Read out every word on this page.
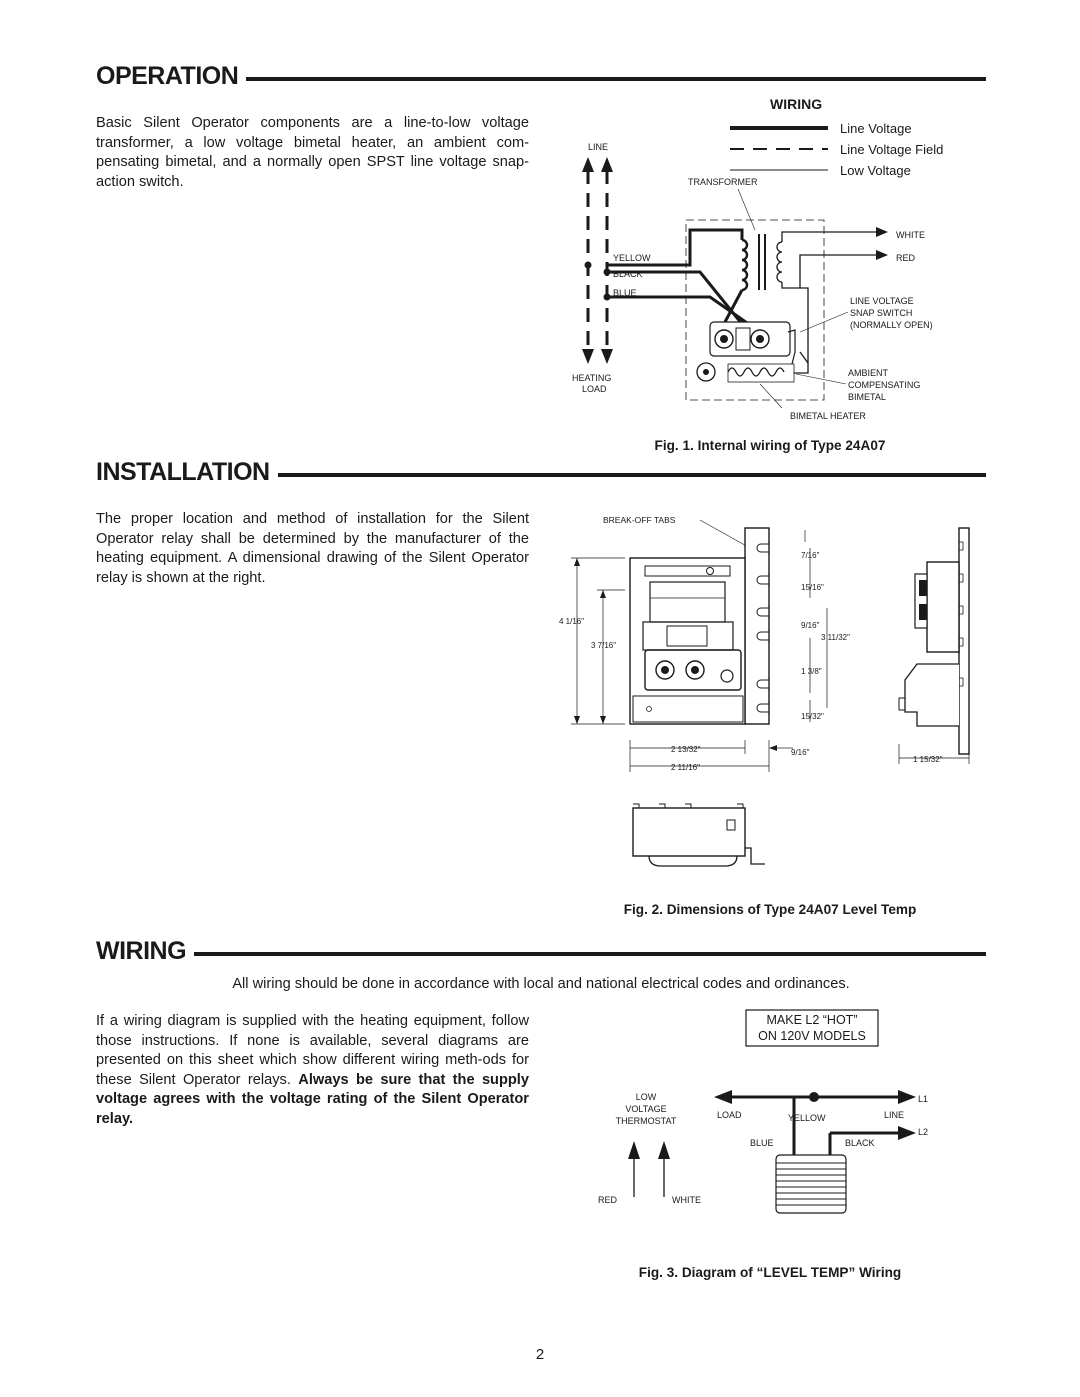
OPERATION
Basic Silent Operator components are a line-to-low voltage transformer, a low voltage bimetal heater, an ambient com-pensating bimetal, and a normally open SPST line voltage snap-action switch.
WIRING
Line Voltage
Line Voltage Field
Low Voltage
LINE
HEATING
LOAD
TRANSFORMER
YELLOW
BLACK
BLUE
WHITE
RED
LINE VOLTAGE
SNAP SWITCH
(NORMALLY OPEN)
AMBIENT
COMPENSATING
BIMETAL
BIMETAL HEATER
Fig. 1. Internal wiring of Type 24A07
INSTALLATION
The proper location and method of installation for the Silent Operator relay shall be determined by the manufacturer of the heating equipment. A dimensional drawing of the Silent Operator relay is shown at the right.
BREAK-OFF TABS
4 1/16"
3 7/16"
7/16"
15/16"
9/16"
3 11/32"
1 3/8"
15/32"
2 13/32"	9/16"
2 11/16"
1 15/32"
Fig. 2. Dimensions of Type 24A07 Level Temp
WIRING
All wiring should be done in accordance with local and national electrical codes and ordinances.
If a wiring diagram is supplied with the heating equipment, follow those instructions. If none is available, several diagrams are presented on this sheet which show different wiring meth-ods for these Silent Operator relays. Always be sure that the supply voltage agrees with the voltage rating of the Silent Operator relay.
MAKE L2 “HOT”
ON 120V MODELS
LOW
VOLTAGE
THERMOSTAT
L1
LOAD	YELLOW	LINE
L2
BLUE	BLACK
RED	WHITE
Fig. 3. Diagram of “LEVEL TEMP” Wiring
2
